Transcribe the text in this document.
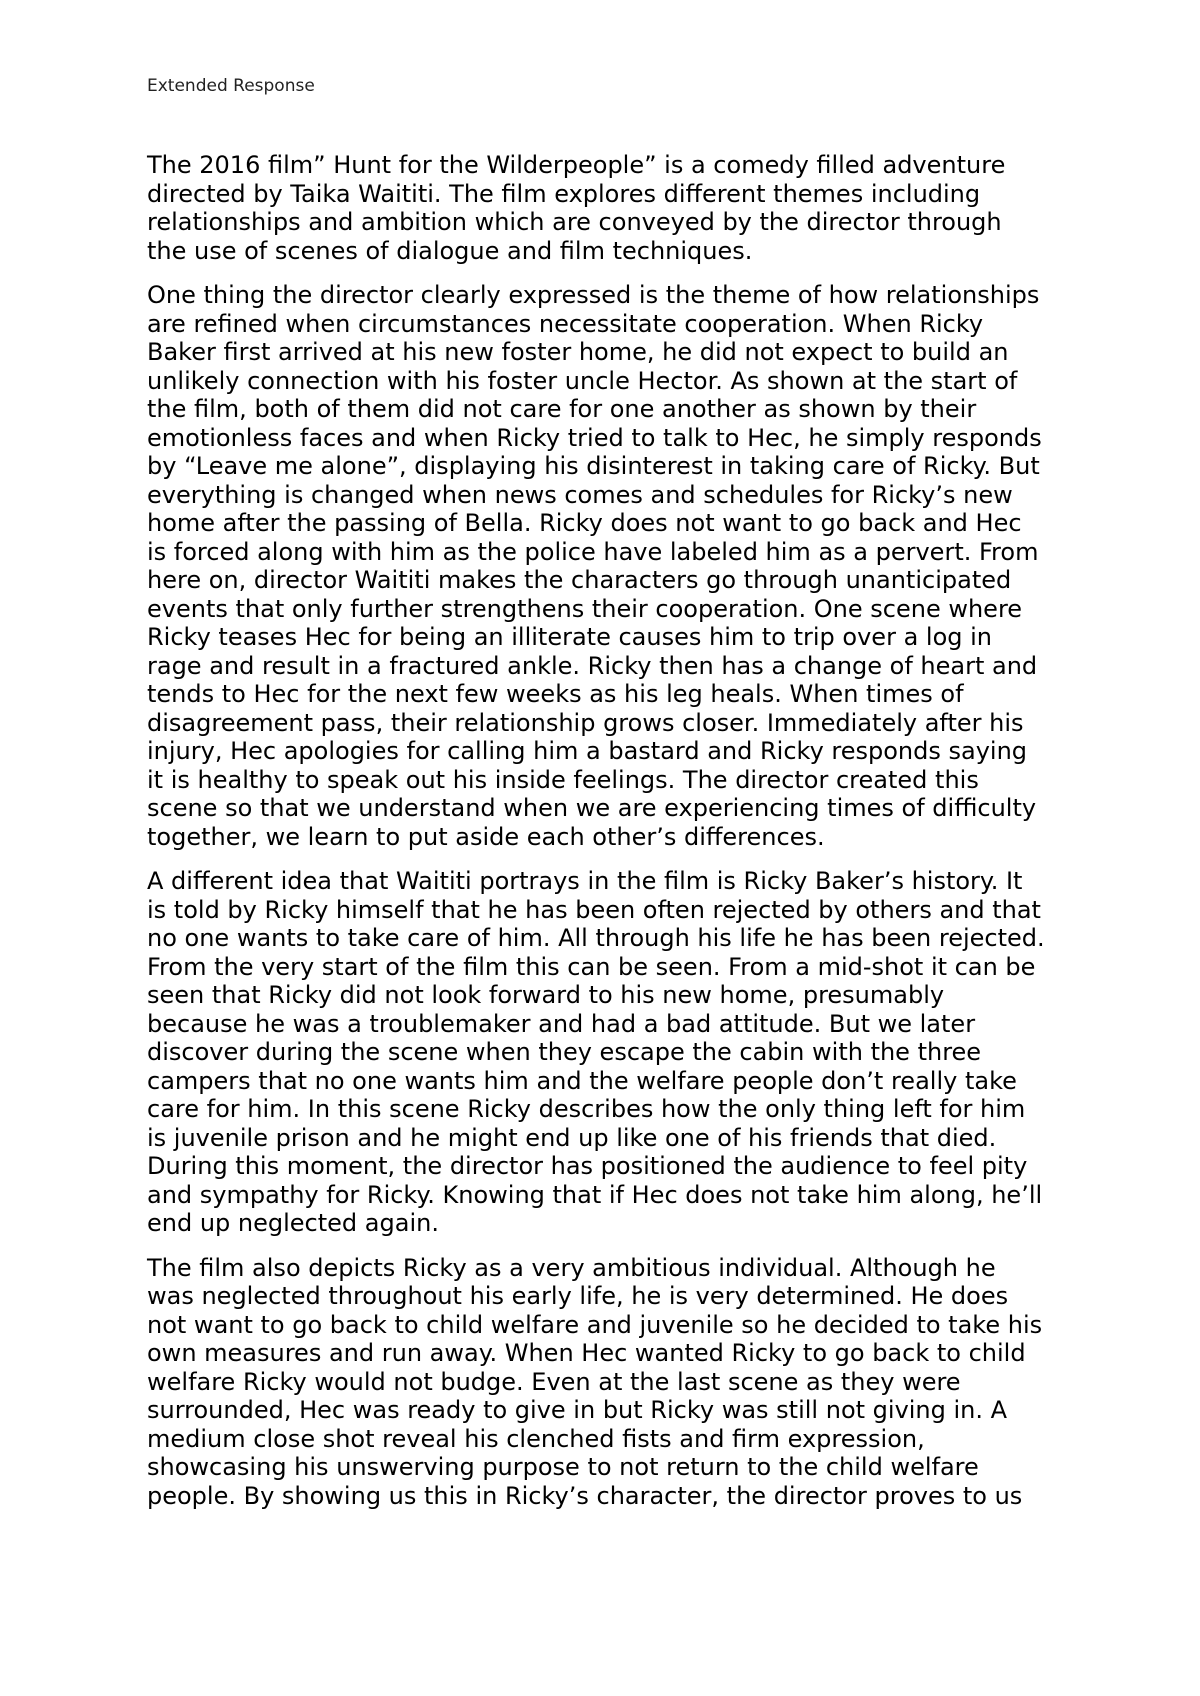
Extended Response
The 2016 film” Hunt for the Wilderpeople” is a comedy filled adventure
directed by Taika Waititi. The film explores different themes including
relationships and ambition which are conveyed by the director through
the use of scenes of dialogue and film techniques.
One thing the director clearly expressed is the theme of how relationships
are refined when circumstances necessitate cooperation. When Ricky
Baker first arrived at his new foster home, he did not expect to build an
unlikely connection with his foster uncle Hector. As shown at the start of
the film, both of them did not care for one another as shown by their
emotionless faces and when Ricky tried to talk to Hec, he simply responds
by “Leave me alone”, displaying his disinterest in taking care of Ricky. But
everything is changed when news comes and schedules for Ricky’s new
home after the passing of Bella. Ricky does not want to go back and Hec
is forced along with him as the police have labeled him as a pervert. From
here on, director Waititi makes the characters go through unanticipated
events that only further strengthens their cooperation. One scene where
Ricky teases Hec for being an illiterate causes him to trip over a log in
rage and result in a fractured ankle. Ricky then has a change of heart and
tends to Hec for the next few weeks as his leg heals. When times of
disagreement pass, their relationship grows closer. Immediately after his
injury, Hec apologies for calling him a bastard and Ricky responds saying
it is healthy to speak out his inside feelings. The director created this
scene so that we understand when we are experiencing times of difficulty
together, we learn to put aside each other’s differences.
A different idea that Waititi portrays in the film is Ricky Baker’s history. It
is told by Ricky himself that he has been often rejected by others and that
no one wants to take care of him. All through his life he has been rejected.
From the very start of the film this can be seen. From a mid-shot it can be
seen that Ricky did not look forward to his new home, presumably
because he was a troublemaker and had a bad attitude. But we later
discover during the scene when they escape the cabin with the three
campers that no one wants him and the welfare people don’t really take
care for him. In this scene Ricky describes how the only thing left for him
is juvenile prison and he might end up like one of his friends that died.
During this moment, the director has positioned the audience to feel pity
and sympathy for Ricky. Knowing that if Hec does not take him along, he’ll
end up neglected again.
The film also depicts Ricky as a very ambitious individual. Although he
was neglected throughout his early life, he is very determined. He does
not want to go back to child welfare and juvenile so he decided to take his
own measures and run away. When Hec wanted Ricky to go back to child
welfare Ricky would not budge. Even at the last scene as they were
surrounded, Hec was ready to give in but Ricky was still not giving in. A
medium close shot reveal his clenched fists and firm expression,
showcasing his unswerving purpose to not return to the child welfare
people. By showing us this in Ricky’s character, the director proves to us
